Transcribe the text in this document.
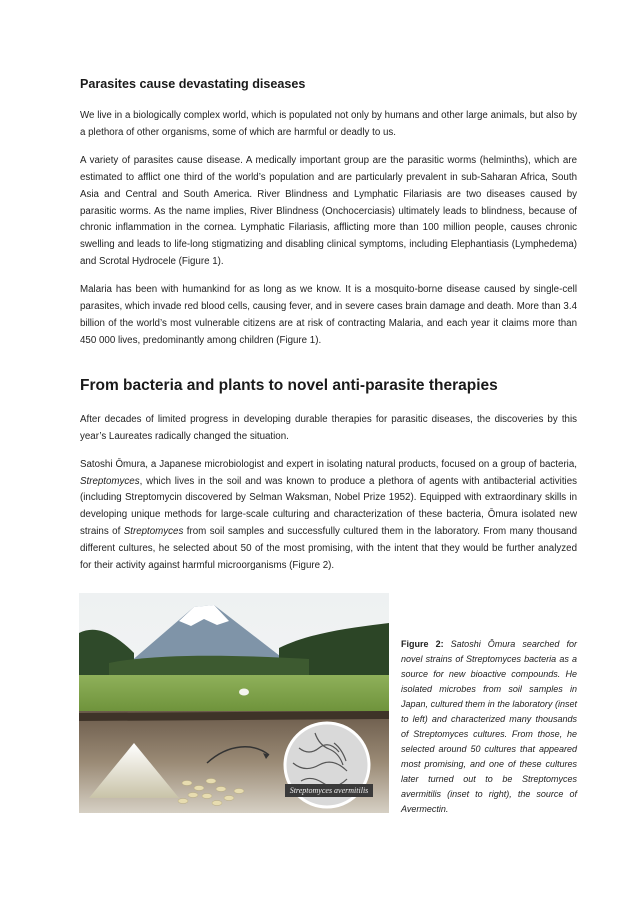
Parasites cause devastating diseases

We live in a biologically complex world, which is populated not only by humans and other large animals, but also by a plethora of other organisms, some of which are harmful or deadly to us.

A variety of parasites cause disease. A medically important group are the parasitic worms (helminths), which are estimated to afflict one third of the world’s population and are particularly prevalent in sub-Saharan Africa, South Asia and Central and South America. River Blindness and Lymphatic Filariasis are two diseases caused by parasitic worms. As the name implies, River Blindness (Onchocerciasis) ultimately leads to blindness, because of chronic inflammation in the cornea. Lymphatic Filariasis, afflicting more than 100 million people, causes chronic swelling and leads to life-long stigmatizing and disabling clinical symptoms, including Elephantiasis (Lymphedema) and Scrotal Hydrocele (Figure 1).

Malaria has been with humankind for as long as we know. It is a mosquito-borne disease caused by single-cell parasites, which invade red blood cells, causing fever, and in severe cases brain damage and death. More than 3.4 billion of the world’s most vulnerable citizens are at risk of contracting Malaria, and each year it claims more than 450 000 lives, predominantly among children (Figure 1).

From bacteria and plants to novel anti-parasite therapies

After decades of limited progress in developing durable therapies for parasitic diseases, the discoveries by this year’s Laureates radically changed the situation.

Satoshi Ōmura, a Japanese microbiologist and expert in isolating natural products, focused on a group of bacteria, Streptomyces, which lives in the soil and was known to produce a plethora of agents with antibacterial activities (including Streptomycin discovered by Selman Waksman, Nobel Prize 1952). Equipped with extraordinary skills in developing unique methods for large-scale culturing and characterization of these bacteria, Ōmura isolated new strains of Streptomyces from soil samples and successfully cultured them in the laboratory. From many thousand different cultures, he selected about 50 of the most promising, with the intent that they would be further analyzed for their activity against harmful microorganisms (Figure 2).

Streptomyces avermitilis
Figure 2: Satoshi Ōmura searched for novel strains of Streptomyces bacteria as a source for new bioactive compounds. He isolated microbes from soil samples in Japan, cultured them in the laboratory (inset to left) and characterized many thousands of Streptomyces cultures. From those, he selected around 50 cultures that appeared most promising, and one of these cultures later turned out to be Streptomyces avermitilis (inset to right), the source of Avermectin.
